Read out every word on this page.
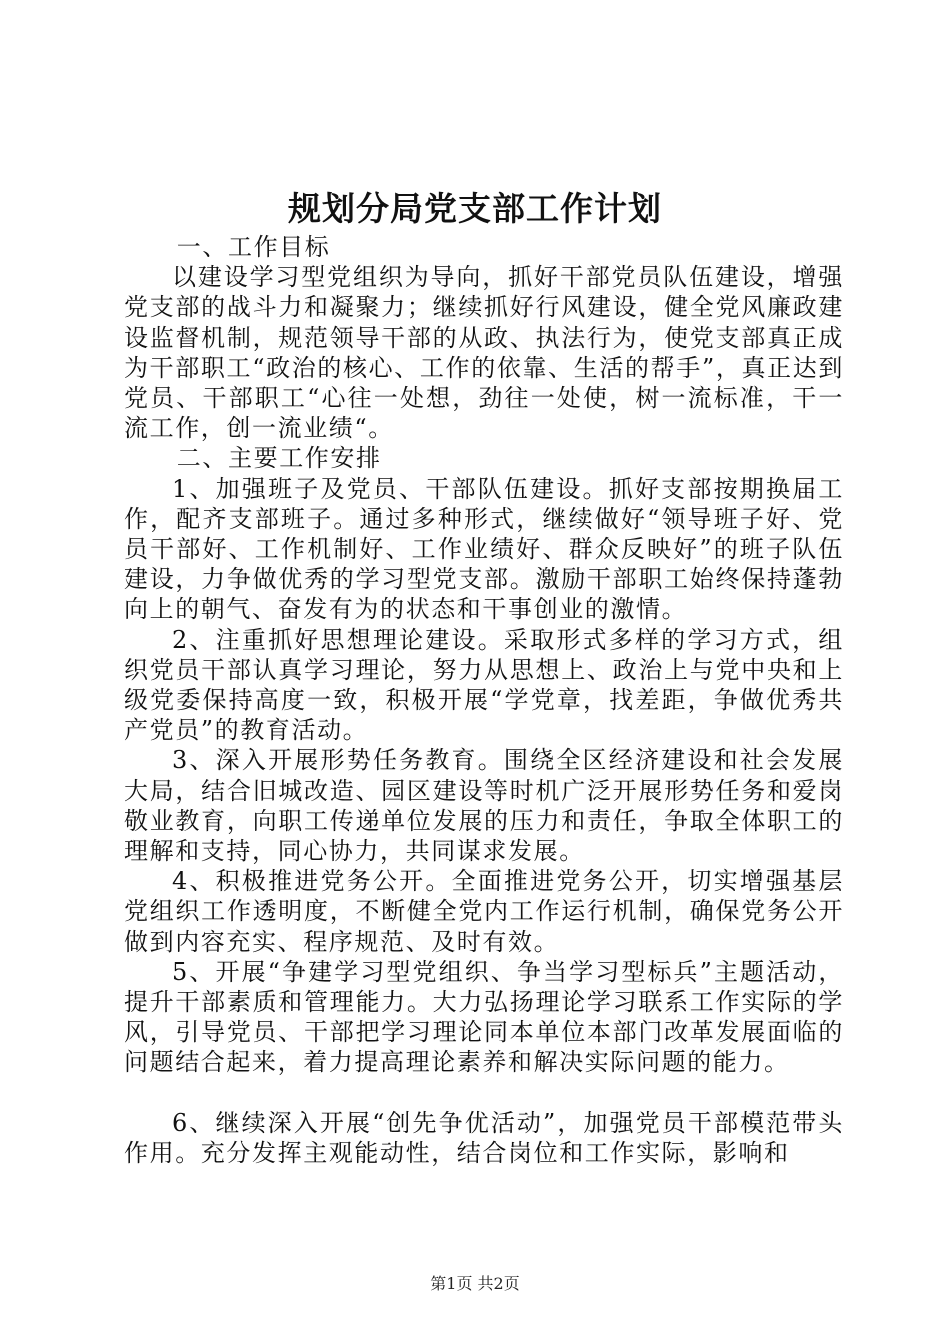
规划分局党支部工作计划

一、工作目标

以建设学习型党组织为导向，抓好干部党员队伍建设，增强党支部的战斗力和凝聚力；继续抓好行风建设，健全党风廉政建设监督机制，规范领导干部的从政、执法行为，使党支部真正成为干部职工“政治的核心、工作的依靠、生活的帮手”，真正达到党员、干部职工“心往一处想，劲往一处使，树一流标准，干一流工作，创一流业绩“。

二、主要工作安排

1、加强班子及党员、干部队伍建设。抓好支部按期换届工作，配齐支部班子。通过多种形式，继续做好“领导班子好、党员干部好、工作机制好、工作业绩好、群众反映好”的班子队伍建设，力争做优秀的学习型党支部。激励干部职工始终保持蓬勃向上的朝气、奋发有为的状态和干事创业的激情。

2、注重抓好思想理论建设。采取形式多样的学习方式，组织党员干部认真学习理论，努力从思想上、政治上与党中央和上级党委保持高度一致，积极开展“学党章，找差距，争做优秀共产党员”的教育活动。

3、深入开展形势任务教育。围绕全区经济建设和社会发展大局，结合旧城改造、园区建设等时机广泛开展形势任务和爱岗敬业教育，向职工传递单位发展的压力和责任，争取全体职工的理解和支持，同心协力，共同谋求发展。

4、积极推进党务公开。全面推进党务公开，切实增强基层党组织工作透明度，不断健全党内工作运行机制，确保党务公开做到内容充实、程序规范、及时有效。

5、开展“争建学习型党组织、争当学习型标兵”主题活动，提升干部素质和管理能力。大力弘扬理论学习联系工作实际的学风，引导党员、干部把学习理论同本单位本部门改革发展面临的问题结合起来，着力提高理论素养和解决实际问题的能力。

6、继续深入开展“创先争优活动”，加强党员干部模范带头作用。充分发挥主观能动性，结合岗位和工作实际，影响和

第1页 共2页
